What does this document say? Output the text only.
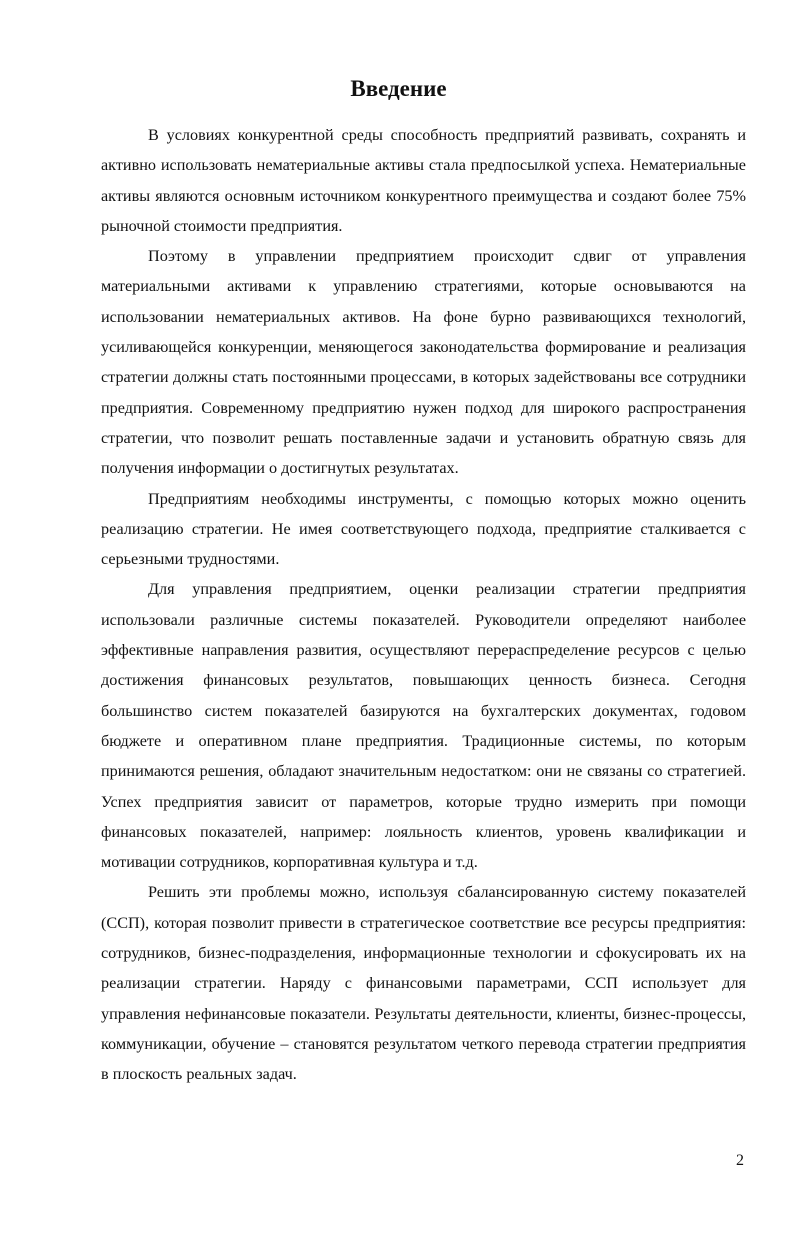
Введение

В условиях конкурентной среды способность предприятий развивать, сохранять и активно использовать нематериальные активы стала предпосылкой успеха. Нематериальные активы являются основным источником конкурентного преимущества и создают более 75% рыночной стоимости предприятия.

Поэтому в управлении предприятием происходит сдвиг от управления материальными активами к управлению стратегиями, которые основываются на использовании нематериальных активов. На фоне бурно развивающихся технологий, усиливающейся конкуренции, меняющегося законодательства формирование и реализация стратегии должны стать постоянными процессами, в которых задействованы все сотрудники предприятия. Современному предприятию нужен подход для широкого распространения стратегии, что позволит решать поставленные задачи и установить обратную связь для получения информации о достигнутых результатах.

Предприятиям необходимы инструменты, с помощью которых можно оценить реализацию стратегии. Не имея соответствующего подхода, предприятие сталкивается с серьезными трудностями.

Для управления предприятием, оценки реализации стратегии предприятия использовали различные системы показателей. Руководители определяют наиболее эффективные направления развития, осуществляют перераспределение ресурсов с целью достижения финансовых результатов, повышающих ценность бизнеса. Сегодня большинство систем показателей базируются на бухгалтерских документах, годовом бюджете и оперативном плане предприятия. Традиционные системы, по которым принимаются решения, обладают значительным недостатком: они не связаны со стратегией. Успех предприятия зависит от параметров, которые трудно измерить при помощи финансовых показателей, например: лояльность клиентов, уровень квалификации и мотивации сотрудников, корпоративная культура и т.д.

Решить эти проблемы можно, используя сбалансированную систему показателей (ССП), которая позволит привести в стратегическое соответствие все ресурсы предприятия: сотрудников, бизнес-подразделения, информационные технологии и сфокусировать их на реализации стратегии. Наряду с финансовыми параметрами, ССП использует для управления нефинансовые показатели. Результаты деятельности, клиенты, бизнес-процессы, коммуникации, обучение – становятся результатом четкого перевода стратегии предприятия в плоскость реальных задач.

2
